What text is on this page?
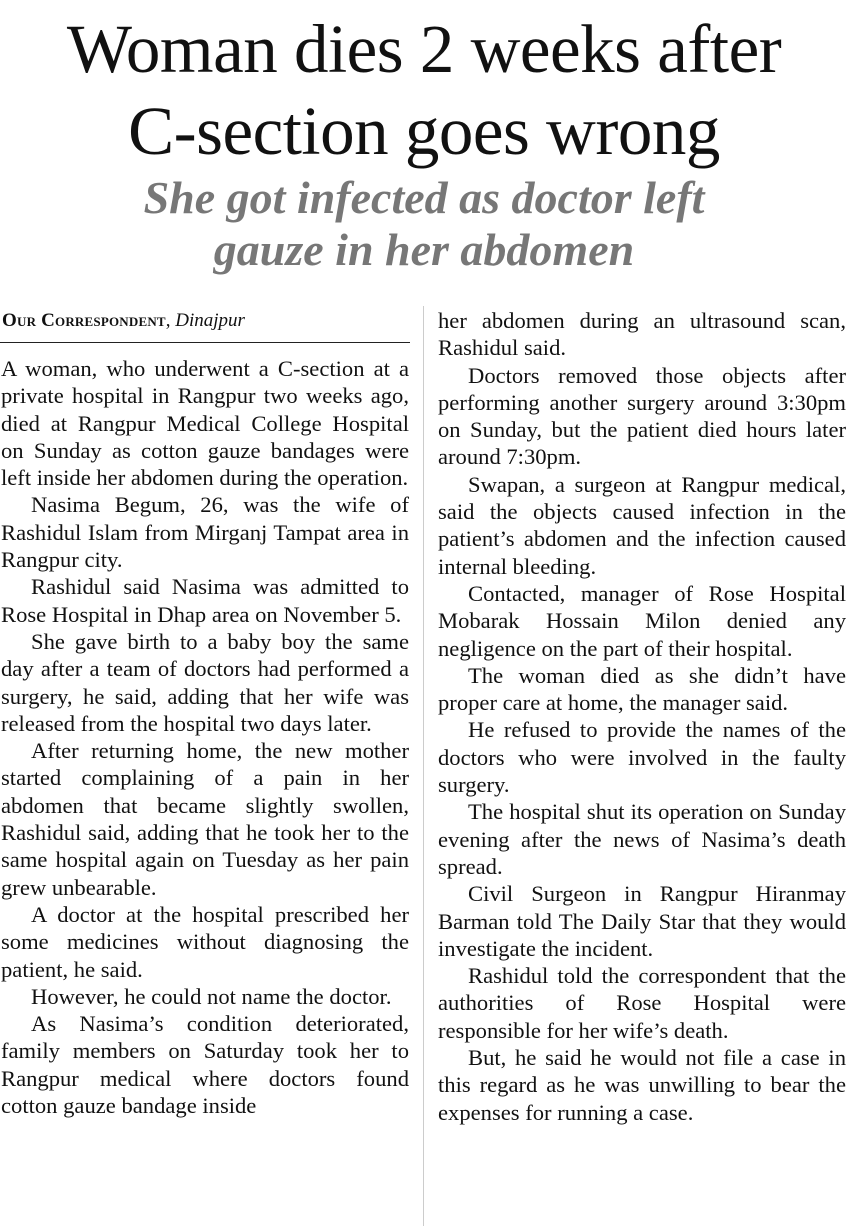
Woman dies 2 weeks after
C-section goes wrong
She got infected as doctor left
gauze in her abdomen
Our Correspondent, Dinajpur

A woman, who underwent a C-section at a private hospital in Rangpur two weeks ago, died at Rangpur Medical College Hospital on Sunday as cotton gauze bandages were left inside her abdomen during the operation.

Nasima Begum, 26, was the wife of Rashidul Islam from Mirganj Tampat area in Rangpur city.

Rashidul said Nasima was admitted to Rose Hospital in Dhap area on November 5.

She gave birth to a baby boy the same day after a team of doctors had performed a surgery, he said, adding that her wife was released from the hospital two days later.

After returning home, the new mother started complaining of a pain in her abdomen that became slightly swollen, Rashidul said, adding that he took her to the same hospital again on Tuesday as her pain grew unbearable.

A doctor at the hospital prescribed her some medicines without diagnosing the patient, he said.

However, he could not name the doctor.

As Nasima’s condition deteriorated, family members on Saturday took her to Rangpur medical where doctors found cotton gauze bandage inside

her abdomen during an ultrasound scan, Rashidul said.

Doctors removed those objects after performing another surgery around 3:30pm on Sunday, but the patient died hours later around 7:30pm.

Swapan, a surgeon at Rangpur medical, said the objects caused infection in the patient’s abdomen and the infection caused internal bleeding.

Contacted, manager of Rose Hospital Mobarak Hossain Milon denied any negligence on the part of their hospital.

The woman died as she didn’t have proper care at home, the manager said.

He refused to provide the names of the doctors who were involved in the faulty surgery.

The hospital shut its operation on Sunday evening after the news of Nasima’s death spread.

Civil Surgeon in Rangpur Hiranmay Barman told The Daily Star that they would investigate the incident.

Rashidul told the correspondent that the authorities of Rose Hospital were responsible for her wife’s death.

But, he said he would not file a case in this regard as he was unwilling to bear the expenses for running a case.
